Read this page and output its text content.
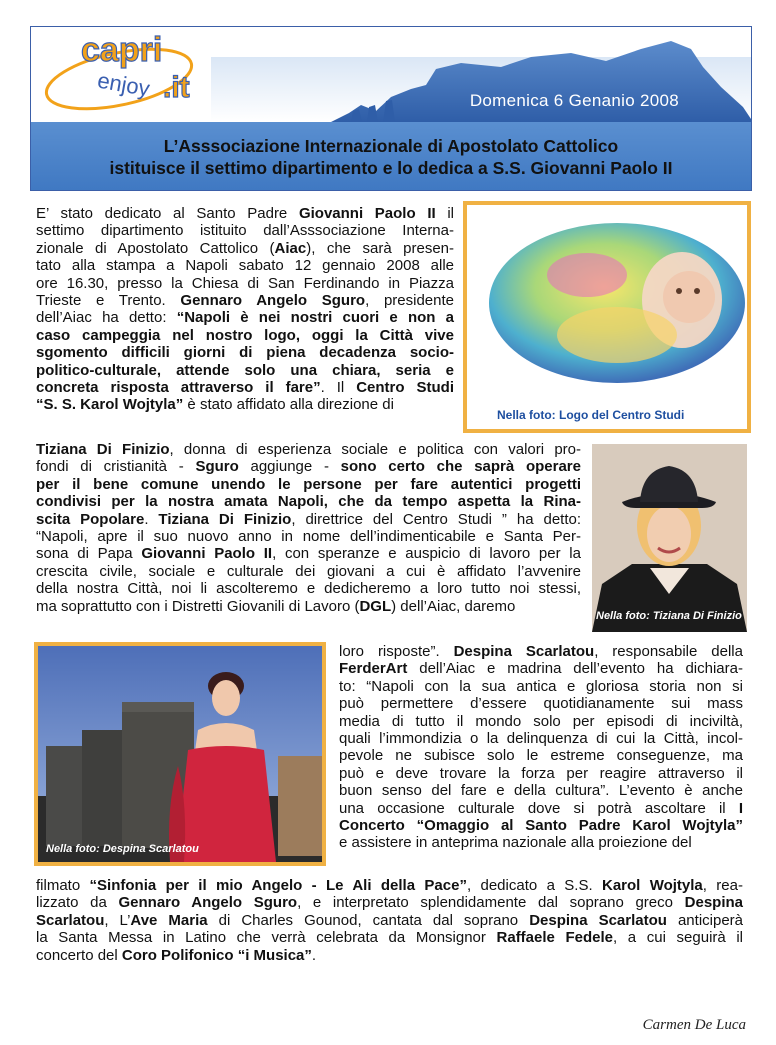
capri
enjoy .it	Domenica 6 Genanio 2008
L’Asssociazione Internazionale di Apostolato Cattolico
istituisce il settimo dipartimento e lo dedica a S.S. Giovanni Paolo II
E’ stato dedicato al Santo Padre Giovanni Paolo II il
settimo dipartimento istituito dall’Asssociazione Interna-
zionale di Apostolato Cattolico (Aiac), che sarà presen-
tato alla stampa a Napoli sabato 12 gennaio 2008 alle
ore 16.30, presso la Chiesa di San Ferdinando in Piazza
Trieste e Trento. Gennaro Angelo Sguro, presidente
dell’Aiac ha detto: “Napoli è nei nostri cuori e non a
caso campeggia nel nostro logo, oggi la Città vive
sgomento difficili giorni di piena decadenza socio-
politico-culturale, attende solo una chiara, seria e
concreta risposta attraverso il fare”. Il Centro Studi
“S. S. Karol Wojtyla” è stato affidato alla direzione di
Nella foto: Logo del Centro Studi
Tiziana Di Finizio, donna di esperienza sociale e politica con valori pro-
fondi di cristianità - Sguro aggiunge - sono certo che saprà operare
per il bene comune unendo le persone per fare autentici progetti
condivisi per la nostra amata Napoli, che da tempo aspetta la Rina-
scita Popolare. Tiziana Di Finizio, direttrice del Centro Studi ” ha detto:
“Napoli, apre il suo nuovo anno in nome dell’indimenticabile e Santa Per-
sona di Papa Giovanni Paolo II, con speranze e auspicio di lavoro per la
crescita civile, sociale e culturale dei giovani a cui è affidato l’avvenire
della nostra Città, noi li ascolteremo e dedicheremo a loro tutto noi stessi,
ma soprattutto con i Distretti Giovanili di Lavoro (DGL) dell’Aiac, daremo
Nella foto: Tiziana Di Finizio
Nella foto: Despina Scarlatou
loro risposte”. Despina Scarlatou, responsabile della
FerderArt dell’Aiac e madrina dell’evento ha dichiara-
to: “Napoli con la sua antica e gloriosa storia non si
può permettere d’essere quotidianamente sui mass
media di tutto il mondo solo per episodi di inciviltà,
quali l’immondizia o la delinquenza di cui la Città, incol-
pevole ne subisce solo le estreme conseguenze, ma
può e deve trovare la forza per reagire attraverso il
buon senso del fare e della cultura”. L’evento è anche
una occasione culturale dove si potrà ascoltare il I
Concerto “Omaggio al Santo Padre Karol Wojtyla”
e assistere in anteprima nazionale alla proiezione del
filmato “Sinfonia per il mio Angelo - Le Ali della Pace”, dedicato a S.S. Karol Wojtyla, rea-
lizzato da Gennaro Angelo Sguro, e interpretato splendidamente dal soprano greco Despina
Scarlatou, L’Ave Maria di Charles Gounod, cantata dal soprano Despina Scarlatou anticiperà
la Santa Messa in Latino che verrà celebrata da Monsignor Raffaele Fedele, a cui seguirà il
concerto del Coro Polifonico “i Musica”.
Carmen De Luca
